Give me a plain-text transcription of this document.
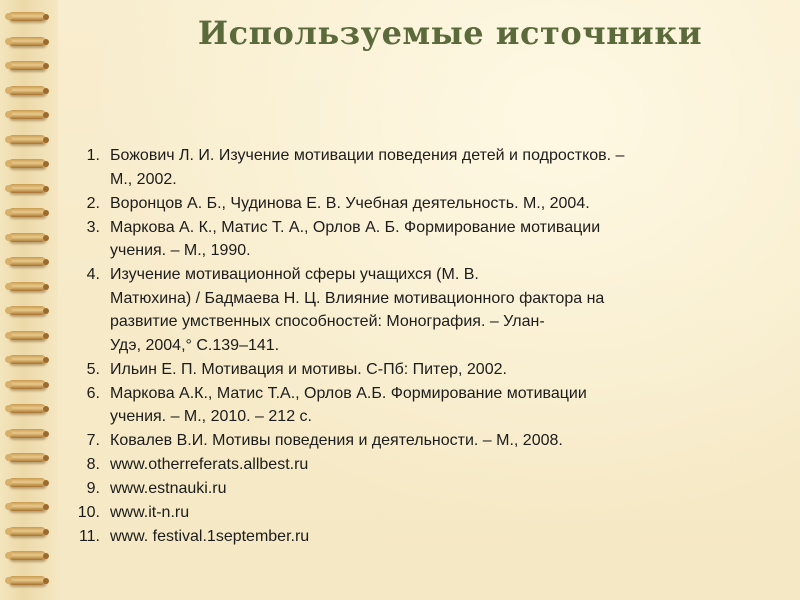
Используемые источники
1. Божович Л. И. Изучение мотивации поведения детей и подростков. –
М., 2002.
2. Воронцов А. Б., Чудинова Е. В. Учебная деятельность. М., 2004.
3. Маркова А. К., Матис Т. А., Орлов А. Б. Формирование мотивации
учения. – М., 1990.
4. Изучение мотивационной сферы учащихся (М. В.
Матюхина) / Бадмаева Н. Ц. Влияние мотивационного фактора на
развитие умственных способностей: Монография. – Улан-
Удэ, 2004,° С.139–141.
5. Ильин Е. П. Мотивация и мотивы. С-Пб: Питер, 2002.
6. Маркова А.К., Матис Т.А., Орлов А.Б. Формирование мотивации
учения. – М., 2010. – 212 с.
7. Ковалев В.И. Мотивы поведения и деятельности. – М., 2008.
8. www.otherreferats.allbest.ru
9. www.estnauki.ru
10. www.it-n.ru
11. www. festival.1september.ru
